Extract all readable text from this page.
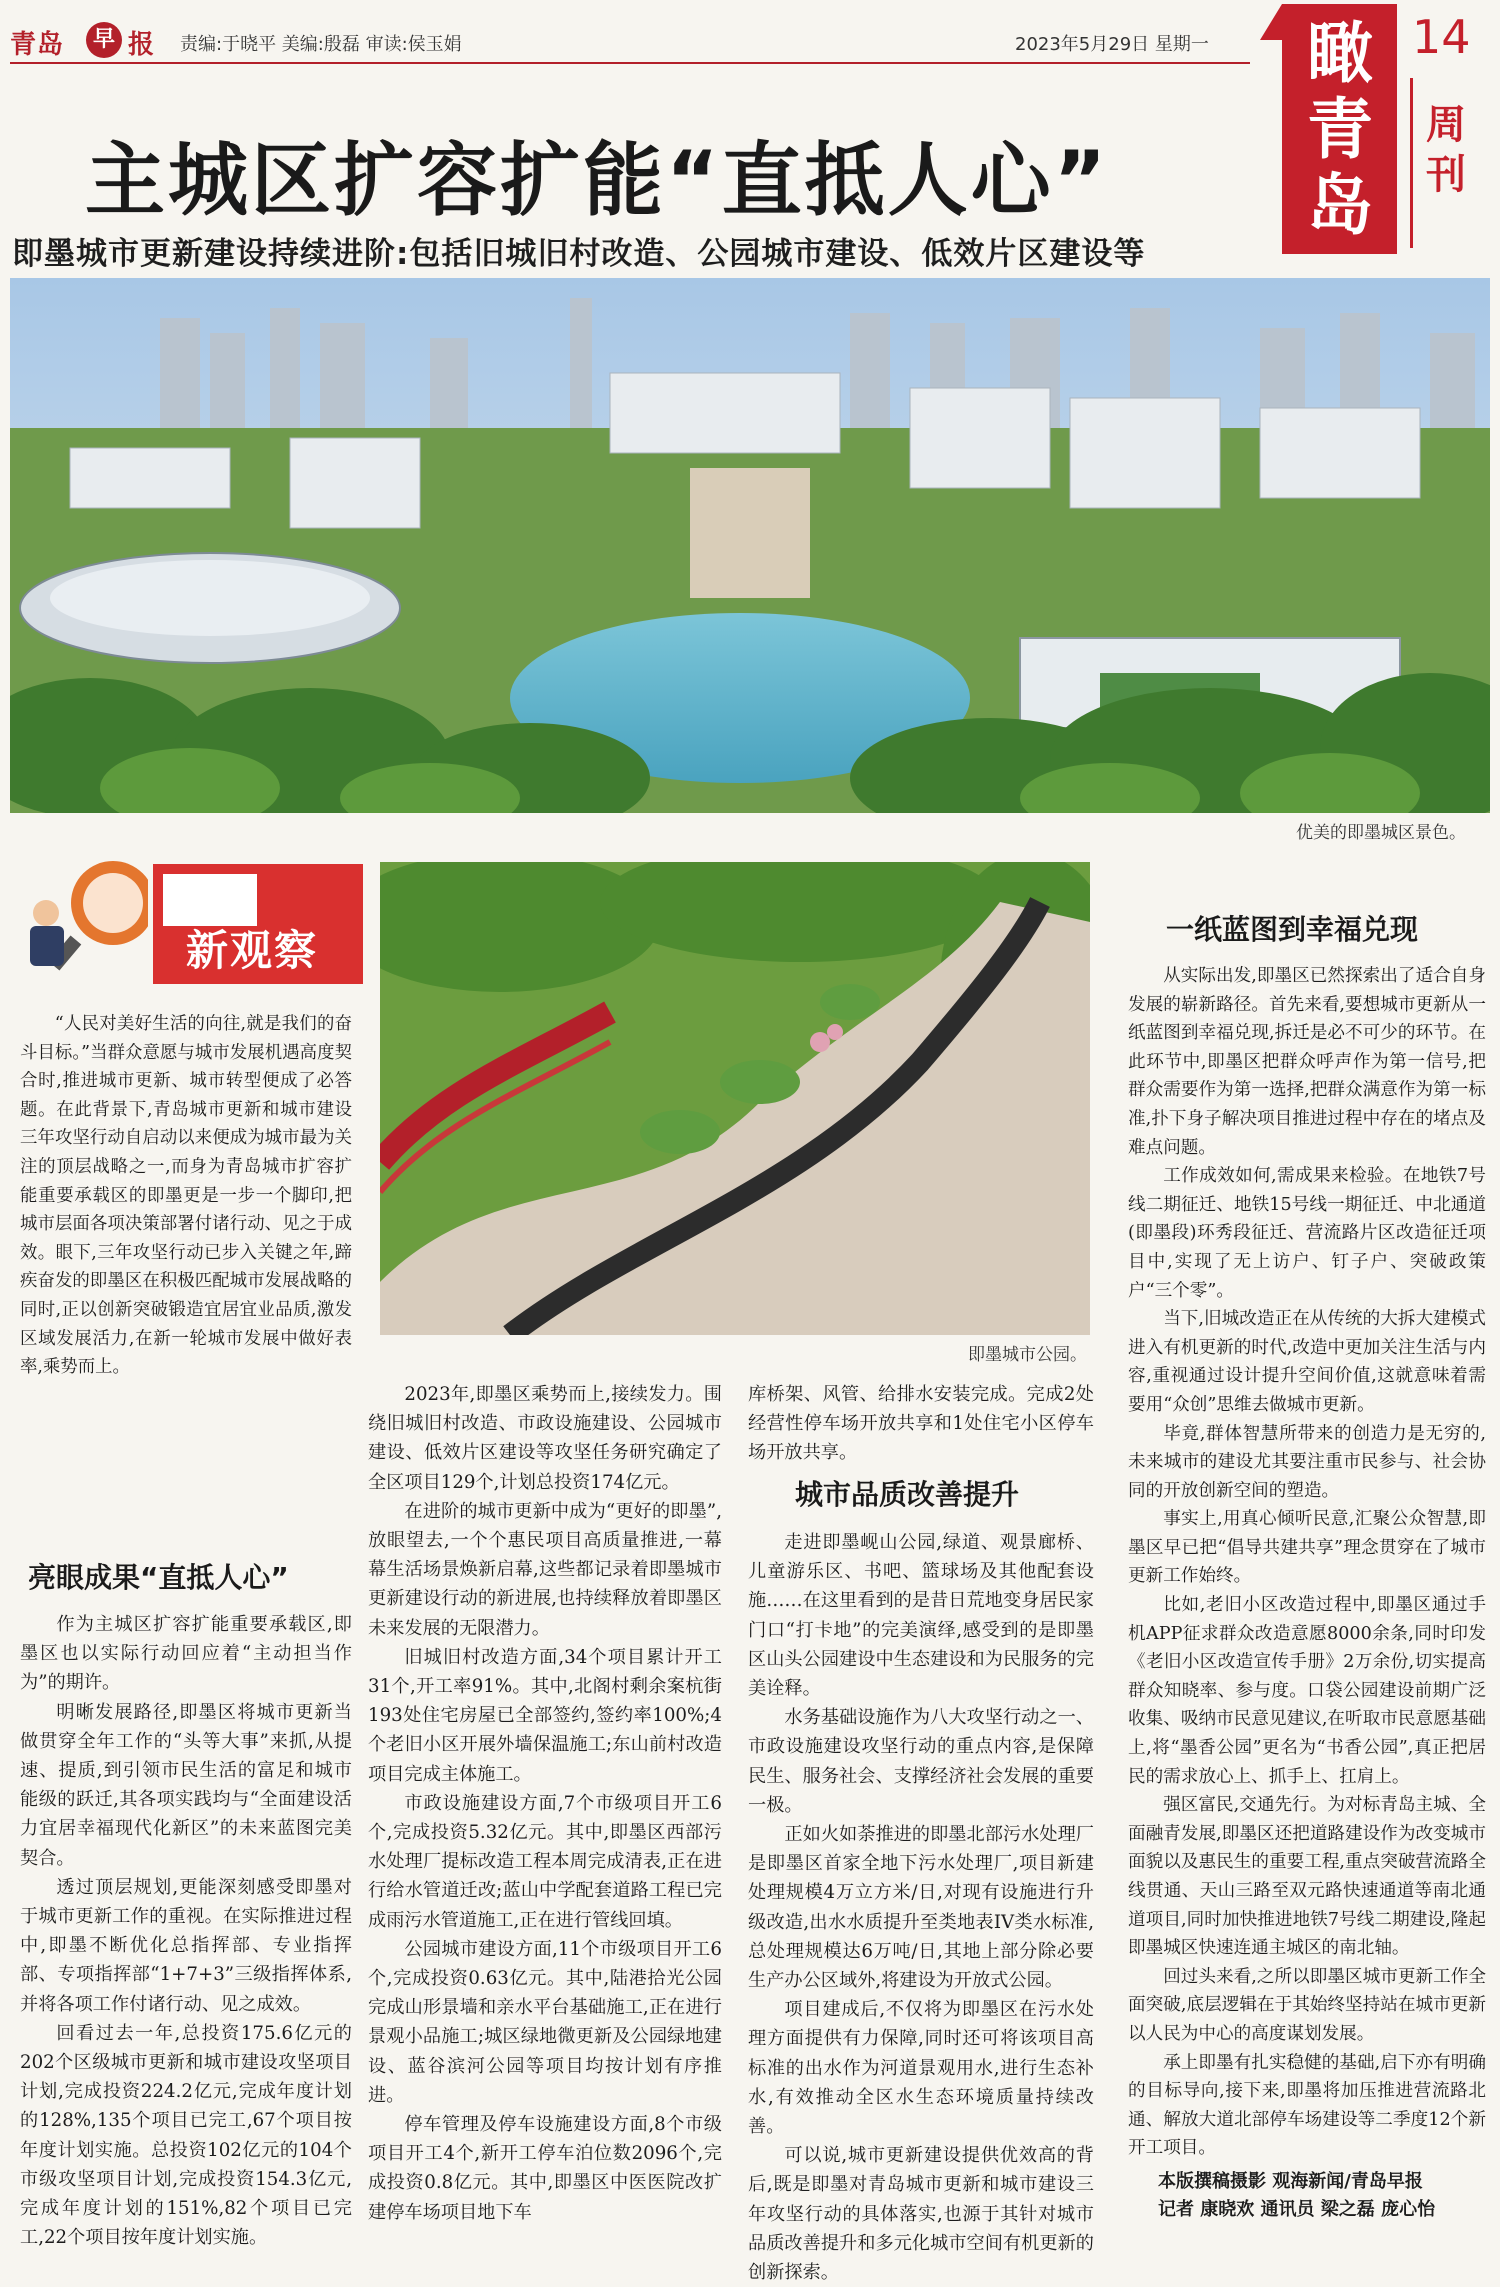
青岛	早 报 责编:于晓平 美编:殷磊 审读:侯玉娟	2023年5月29日 星期一 瞰青岛
14
周刊
主城区扩容扩能“直抵人心”
即墨城市更新建设持续进阶:包括旧城旧村改造、公园城市建设、低效片区建设等
优美的即墨城区景色。
新观察

“人民对美好生活的向往,就是我们的奋斗目标。”当群众意愿与城市发展机遇高度契合时,推进城市更新、城市转型便成了必答题。在此背景下,青岛城市更新和城市建设三年攻坚行动自启动以来便成为城市最为关注的顶层战略之一,而身为青岛城市扩容扩能重要承载区的即墨更是一步一个脚印,把城市层面各项决策部署付诸行动、见之于成效。眼下,三年攻坚行动已步入关键之年,蹄疾奋发的即墨区在积极匹配城市发展战略的同时,正以创新突破锻造宜居宜业品质,激发区域发展活力,在新一轮城市发展中做好表率,乘势而上。

亮眼成果“直抵人心”

作为主城区扩容扩能重要承载区,即墨区也以实际行动回应着“主动担当作为”的期许。

明晰发展路径,即墨区将城市更新当做贯穿全年工作的“头等大事”来抓,从提速、提质,到引领市民生活的富足和城市能级的跃迁,其各项实践均与“全面建设活力宜居幸福现代化新区”的未来蓝图完美契合。

透过顶层规划,更能深刻感受即墨对于城市更新工作的重视。在实际推进过程中,即墨不断优化总指挥部、专业指挥部、专项指挥部“1+7+3”三级指挥体系,并将各项工作付诸行动、见之成效。

回看过去一年,总投资175.6亿元的202个区级城市更新和城市建设攻坚项目计划,完成投资224.2亿元,完成年度计划的128%,135个项目已完工,67个项目按年度计划实施。总投资102亿元的104个市级攻坚项目计划,完成投资154.3亿元,完成年度计划的151%,82个项目已完工,22个项目按年度计划实施。

即墨城市公园。

2023年,即墨区乘势而上,接续发力。围绕旧城旧村改造、市政设施建设、公园城市建设、低效片区建设等攻坚任务研究确定了全区项目129个,计划总投资174亿元。

在进阶的城市更新中成为“更好的即墨”,放眼望去,一个个惠民项目高质量推进,一幕幕生活场景焕新启幕,这些都记录着即墨城市更新建设行动的新进展,也持续释放着即墨区未来发展的无限潜力。

旧城旧村改造方面,34个项目累计开工31个,开工率91%。其中,北阁村剩余案杭街193处住宅房屋已全部签约,签约率100%;4个老旧小区开展外墙保温施工;东山前村改造项目完成主体施工。

市政设施建设方面,7个市级项目开工6个,完成投资5.32亿元。其中,即墨区西部污水处理厂提标改造工程本周完成清表,正在进行给水管道迁改;蓝山中学配套道路工程已完成雨污水管道施工,正在进行管线回填。

公园城市建设方面,11个市级项目开工6个,完成投资0.63亿元。其中,陆港拾光公园完成山形景墙和亲水平台基础施工,正在进行景观小品施工;城区绿地微更新及公园绿地建设、蓝谷滨河公园等项目均按计划有序推进。

停车管理及停车设施建设方面,8个市级项目开工4个,新开工停车泊位数2096个,完成投资0.8亿元。其中,即墨区中医医院改扩建停车场项目地下车

库桥架、风管、给排水安装完成。完成2处经营性停车场开放共享和1处住宅小区停车场开放共享。

城市品质改善提升

走进即墨岘山公园,绿道、观景廊桥、儿童游乐区、书吧、篮球场及其他配套设施……在这里看到的是昔日荒地变身居民家门口“打卡地”的完美演绎,感受到的是即墨区山头公园建设中生态建设和为民服务的完美诠释。

水务基础设施作为八大攻坚行动之一、市政设施建设攻坚行动的重点内容,是保障民生、服务社会、支撑经济社会发展的重要一极。

正如火如荼推进的即墨北部污水处理厂是即墨区首家全地下污水处理厂,项目新建处理规模4万立方米/日,对现有设施进行升级改造,出水水质提升至类地表IV类水标准,总处理规模达6万吨/日,其地上部分除必要生产办公区域外,将建设为开放式公园。

项目建成后,不仅将为即墨区在污水处理方面提供有力保障,同时还可将该项目高标准的出水作为河道景观用水,进行生态补水,有效推动全区水生态环境质量持续改善。

可以说,城市更新建设提供优效高的背后,既是即墨对青岛城市更新和城市建设三年攻坚行动的具体落实,也源于其针对城市品质改善提升和多元化城市空间有机更新的创新探索。

一纸蓝图到幸福兑现

从实际出发,即墨区已然探索出了适合自身发展的崭新路径。首先来看,要想城市更新从一纸蓝图到幸福兑现,拆迁是必不可少的环节。在此环节中,即墨区把群众呼声作为第一信号,把群众需要作为第一选择,把群众满意作为第一标准,扑下身子解决项目推进过程中存在的堵点及难点问题。

工作成效如何,需成果来检验。在地铁7号线二期征迁、地铁15号线一期征迁、中北通道(即墨段)环秀段征迁、营流路片区改造征迁项目中,实现了无上访户、钉子户、突破政策户“三个零”。

当下,旧城改造正在从传统的大拆大建模式进入有机更新的时代,改造中更加关注生活与内容,重视通过设计提升空间价值,这就意味着需要用“众创”思维去做城市更新。

毕竟,群体智慧所带来的创造力是无穷的,未来城市的建设尤其要注重市民参与、社会协同的开放创新空间的塑造。

事实上,用真心倾听民意,汇聚公众智慧,即墨区早已把“倡导共建共享”理念贯穿在了城市更新工作始终。

比如,老旧小区改造过程中,即墨区通过手机APP征求群众改造意愿8000余条,同时印发《老旧小区改造宣传手册》2万余份,切实提高群众知晓率、参与度。口袋公园建设前期广泛收集、吸纳市民意见建议,在听取市民意愿基础上,将“墨香公园”更名为“书香公园”,真正把居民的需求放心上、抓手上、扛肩上。

强区富民,交通先行。为对标青岛主城、全面融青发展,即墨区还把道路建设作为改变城市面貌以及惠民生的重要工程,重点突破营流路全线贯通、天山三路至双元路快速通道等南北通道项目,同时加快推进地铁7号线二期建设,隆起即墨城区快速连通主城区的南北轴。

回过头来看,之所以即墨区城市更新工作全面突破,底层逻辑在于其始终坚持站在城市更新以人民为中心的高度谋划发展。

承上即墨有扎实稳健的基础,启下亦有明确的目标导向,接下来,即墨将加压推进营流路北通、解放大道北部停车场建设等二季度12个新开工项目。

本版撰稿摄影 观海新闻/青岛早报
记者 康晓欢 通讯员 梁之磊 庞心怡
